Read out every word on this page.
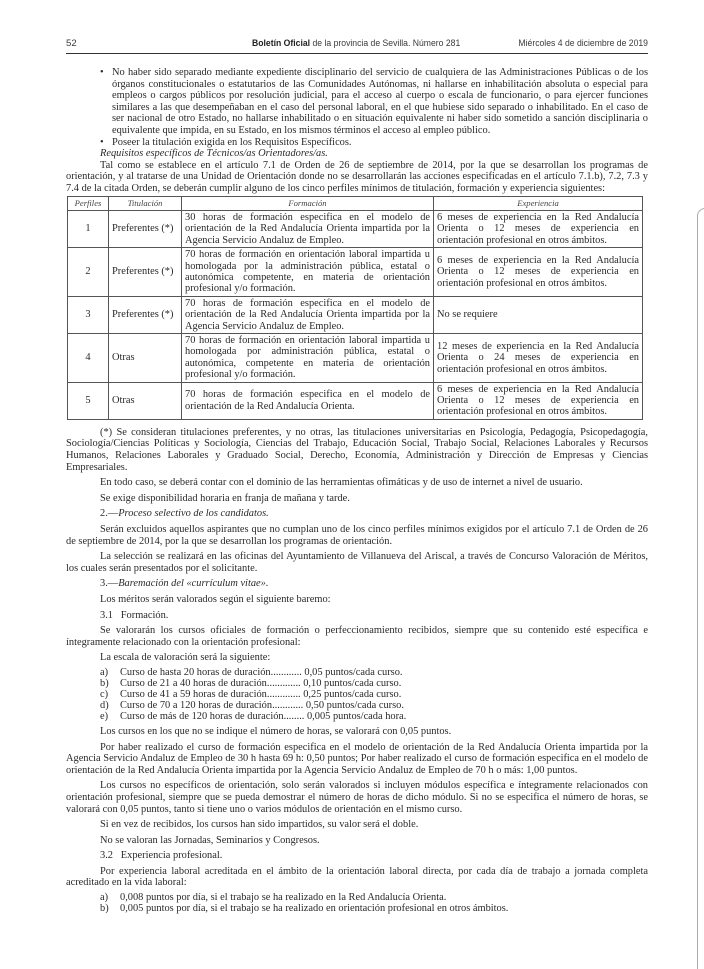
52	Boletín Oficial de la provincia de Sevilla. Número 281	Miércoles 4 de diciembre de 2019
• No haber sido separado mediante expediente disciplinario del servicio de cualquiera de las Administraciones Públicas o de los órganos constitucionales o estatutarios de las Comunidades Autónomas, ni hallarse en inhabilitación absoluta o especial para empleos o cargos públicos por resolución judicial, para el acceso al cuerpo o escala de funcionario, o para ejercer funciones similares a las que desempeñaban en el caso del personal laboral, en el que hubiese sido separado o inhabilitado. En el caso de ser nacional de otro Estado, no hallarse inhabilitado o en situación equivalente ni haber sido sometido a sanción disciplinaria o equivalente que impida, en su Estado, en los mismos términos el acceso al empleo público.
• Poseer la titulación exigida en los Requisitos Específicos.

Requisitos específicos de Técnicos/as Orientadores/as.

Tal como se establece en el artículo 7.1 de Orden de 26 de septiembre de 2014, por la que se desarrollan los programas de orientación, y al tratarse de una Unidad de Orientación donde no se desarrollarán las acciones especificadas en el artículo 7.1.b), 7.2, 7.3 y 7.4 de la citada Orden, se deberán cumplir alguno de los cinco perfiles mínimos de titulación, formación y experiencia siguientes:

Perfiles	Titulación	Formación	Experiencia
1	Preferentes (*)	30 horas de formación especifica en el modelo de orientación de la Red Andalucía Orienta impartida por la Agencia Servicio Andaluz de Empleo.	6 meses de experiencia en la Red Andalucía Orienta o 12 meses de experiencia en orientación profesional en otros ámbitos.
2	Preferentes (*)	70 horas de formación en orientación laboral impartida u homologada por la administración pública, estatal o autonómica competente, en materia de orientación profesional y/o formación.	6 meses de experiencia en la Red Andalucía Orienta o 12 meses de experiencia en orientación profesional en otros ámbitos.
3	Preferentes (*)	70 horas de formación especifica en el modelo de orientación de la Red Andalucía Orienta impartida por la Agencia Servicio Andaluz de Empleo.	No se requiere
4	Otras	70 horas de formación en orientación laboral impartida u homologada por administración pública, estatal o autonómica, competente en materia de orientación profesional y/o formación.	12 meses de experiencia en la Red Andalucía Orienta o 24 meses de experiencia en orientación profesional en otros ámbitos.
5	Otras	70 horas de formación especifica en el modelo de orientación de la Red Andalucía Orienta.	6 meses de experiencia en la Red Andalucía Orienta o 12 meses de experiencia en orientación profesional en otros ámbitos.

(*) Se consideran titulaciones preferentes, y no otras, las titulaciones universitarias en Psicología, Pedagogía, Psicopedagogía, Sociología/Ciencias Políticas y Sociología, Ciencias del Trabajo, Educación Social, Trabajo Social, Relaciones Laborales y Recursos Humanos, Relaciones Laborales y Graduado Social, Derecho, Economía, Administración y Dirección de Empresas y Ciencias Empresariales.

En todo caso, se deberá contar con el dominio de las herramientas ofimáticas y de uso de internet a nivel de usuario.

Se exige disponibilidad horaria en franja de mañana y tarde.

2.—Proceso selectivo de los candidatos.

Serán excluidos aquellos aspirantes que no cumplan uno de los cinco perfiles mínimos exigidos por el artículo 7.1 de Orden de 26 de septiembre de 2014, por la que se desarrollan los programas de orientación.

La selección se realizará en las oficinas del Ayuntamiento de Villanueva del Ariscal, a través de Concurso Valoración de Méritos, los cuales serán presentados por el solicitante.

3.—Baremación del «currículum vitae».

Los méritos serán valorados según el siguiente baremo:

3.1   Formación.

Se valorarán los cursos oficiales de formación o perfeccionamiento recibidos, siempre que su contenido esté específica e íntegramente relacionado con la orientación profesional:

La escala de valoración será la siguiente:

a) Curso de hasta 20 horas de duración............ 0,05 puntos/cada curso.
b) Curso de 21 a 40 horas de duración............. 0,10 puntos/cada curso.
c) Curso de 41 a 59 horas de duración............. 0,25 puntos/cada curso.
d) Curso de 70 a 120 horas de duración............ 0,50 puntos/cada curso.
e) Curso de más de 120 horas de duración........ 0,005 puntos/cada hora.

Los cursos en los que no se indique el número de horas, se valorará con 0,05 puntos.

Por haber realizado el curso de formación especifica en el modelo de orientación de la Red Andalucía Orienta impartida por la Agencia Servicio Andaluz de Empleo de 30 h hasta 69 h: 0,50 puntos; Por haber realizado el curso de formación especifica en el modelo de orientación de la Red Andalucía Orienta impartida por la Agencia Servicio Andaluz de Empleo de 70 h o más: 1,00 puntos.

Los cursos no específicos de orientación, solo serán valorados si incluyen módulos específica e íntegramente relacionados con orientación profesional, siempre que se pueda demostrar el número de horas de dicho módulo. Si no se especifica el número de horas, se valorará con 0,05 puntos, tanto si tiene uno o varios módulos de orientación en el mismo curso.

Si en vez de recibidos, los cursos han sido impartidos, su valor será el doble.

No se valoran las Jornadas, Seminarios y Congresos.

3.2   Experiencia profesional.

Por experiencia laboral acreditada en el ámbito de la orientación laboral directa, por cada día de trabajo a jornada completa acreditado en la vida laboral:

a) 0,008 puntos por día, si el trabajo se ha realizado en la Red Andalucía Orienta.
b) 0,005 puntos por día, si el trabajo se ha realizado en orientación profesional en otros ámbitos.
